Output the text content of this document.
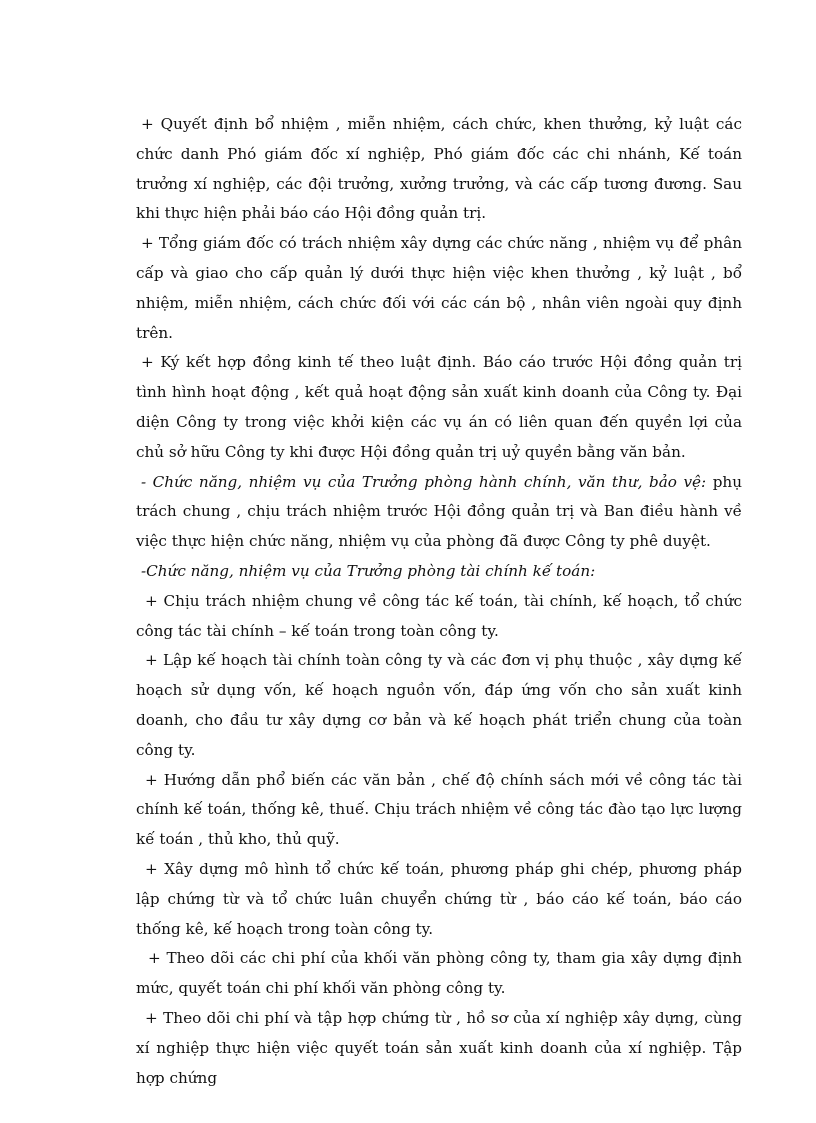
+ Quyết định bổ nhiệm , miễn nhiệm, cách chức, khen thưởng, kỷ luật các chức danh Phó giám đốc xí nghiệp, Phó giám đốc các chi nhánh, Kế toán trưởng xí nghiệp, các đội trưởng, xưởng trưởng, và các cấp tương đương. Sau khi thực hiện phải báo cáo Hội đồng quản trị.

+ Tổng giám đốc có trách nhiệm xây dựng các chức năng , nhiệm vụ để phân cấp và giao cho cấp quản lý dưới thực hiện việc khen thưởng , kỷ luật , bổ nhiệm, miễn nhiệm, cách chức đối với các cán bộ , nhân viên ngoài quy định trên.

+ Ký kết hợp đồng kinh tế theo luật định. Báo cáo trước Hội đồng quản trị tình hình hoạt động , kết quả hoạt động sản xuất kinh doanh của Công ty. Đại diện Công ty trong việc khởi kiện các vụ án có liên quan đến quyền lợi của chủ sở hữu Công ty khi được Hội đồng quản trị uỷ quyền bằng văn bản.

- Chức năng, nhiệm vụ của Trưởng phòng hành chính, văn thư, bảo vệ: phụ trách chung , chịu trách nhiệm trước Hội đồng quản trị và Ban điều hành về việc thực hiện chức năng, nhiệm vụ của phòng đã được Công ty phê duyệt.

-Chức năng, nhiệm vụ của Trưởng phòng tài chính kế toán:

+ Chịu trách nhiệm chung về công tác kế toán, tài chính, kế hoạch, tổ chức công tác tài chính – kế toán trong toàn công ty.

+ Lập kế hoạch tài chính toàn công ty và các đơn vị phụ thuộc , xây dựng kế hoạch sử dụng vốn, kế hoạch nguồn vốn, đáp ứng vốn cho sản xuất kinh doanh, cho đầu tư xây dựng cơ bản và kế hoạch phát triển chung của toàn công ty.

+ Hướng dẫn phổ biến các văn bản , chế độ chính sách mới về công tác tài chính kế toán, thống kê, thuế. Chịu trách nhiệm về công tác đào tạo lực lượng kế toán , thủ kho, thủ quỹ.

+ Xây dựng mô hình tổ chức kế toán, phương pháp ghi chép, phương pháp lập chứng từ và tổ chức luân chuyển chứng từ , báo cáo kế toán, báo cáo thống kê, kế hoạch trong toàn công ty.

+ Theo dõi các chi phí của khối văn phòng công ty, tham gia xây dựng định mức, quyết toán chi phí khối văn phòng công ty.

+ Theo dõi chi phí và tập hợp chứng từ , hồ sơ của xí nghiệp xây dựng, cùng xí nghiệp thực hiện việc quyết toán sản xuất kinh doanh của xí nghiệp. Tập hợp chứng
